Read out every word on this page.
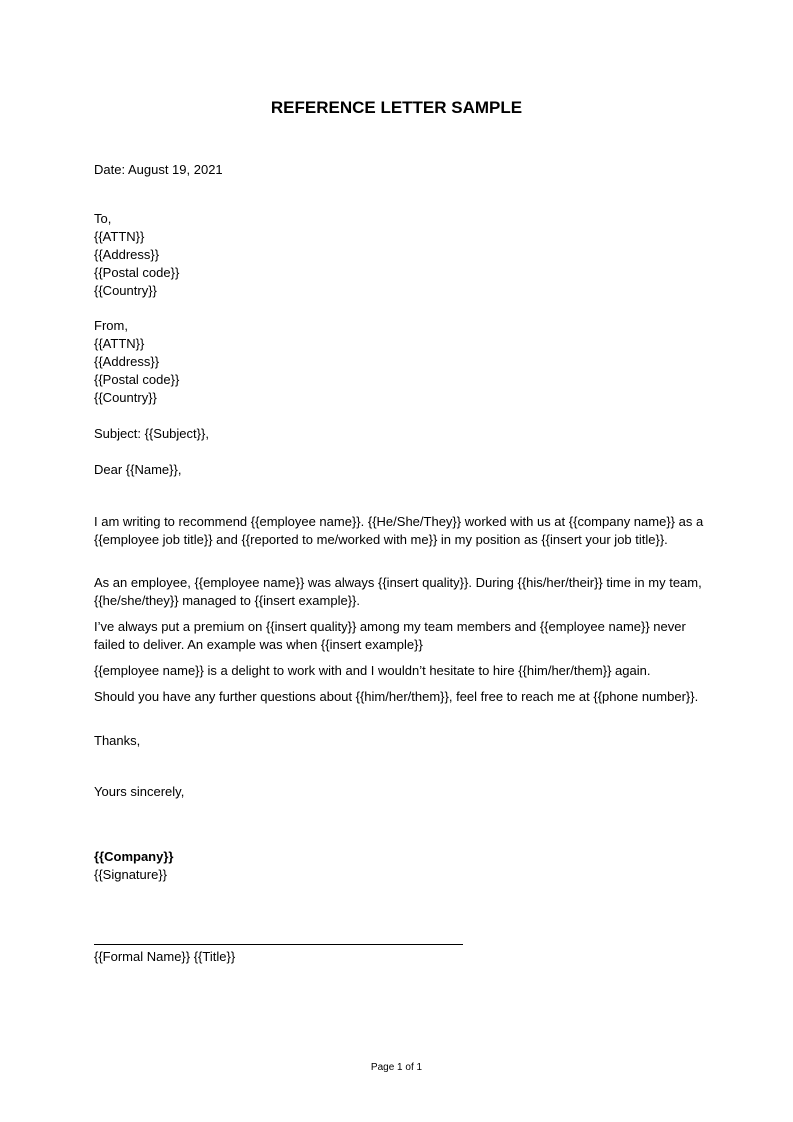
REFERENCE LETTER SAMPLE
Date: August 19, 2021
To,
{{ATTN}}
{{Address}}
{{Postal code}}
{{Country}}
From,
{{ATTN}}
{{Address}}
{{Postal code}}
{{Country}}
Subject: {{Subject}},
Dear {{Name}},

I am writing to recommend {{employee name}}. {{He/She/They}} worked with us at {{company name}} as a {{employee job title}} and {{reported to me/worked with me}} in my position as {{insert your job title}}.

As an employee, {{employee name}} was always {{insert quality}}. During {{his/her/their}} time in my team, {{he/she/they}} managed to {{insert example}}.

I’ve always put a premium on {{insert quality}} among my team members and {{employee name}} never failed to deliver. An example was when {{insert example}}

{{employee name}} is a delight to work with and I wouldn’t hesitate to hire {{him/her/them}} again.

Should you have any further questions about {{him/her/them}}, feel free to reach me at {{phone number}}.

Thanks,
Yours sincerely,
{{Company}}
{{Signature}}
{{Formal Name}} {{Title}}
Page 1 of 1
